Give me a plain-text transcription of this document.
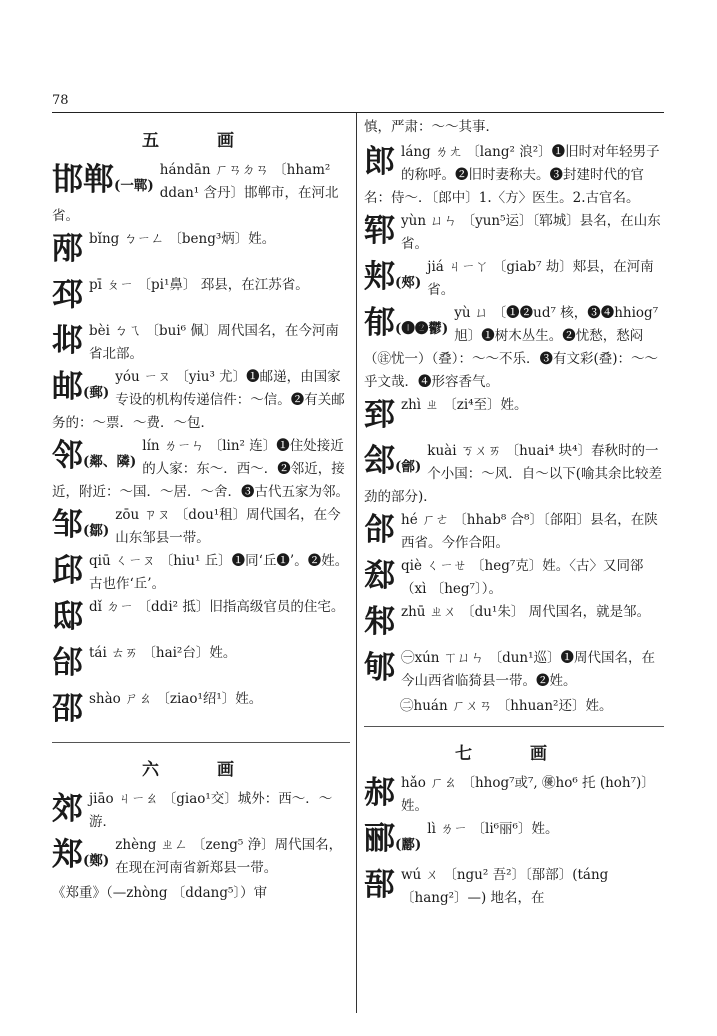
78
五 画
邯郸(一鄲)
hándān ㄏㄢㄉㄢ 〔hham² ddan¹ 含丹〕邯郸市，在河北省。
邴bǐng ㄅㄧㄥ 〔beng³炳〕姓。
邳pī ㄆㄧ 〔pi¹鼻〕 邳县，在江苏省。
邶bèi ㄅㄟ 〔bui⁶ 佩〕周代国名，在今河南省北部。
邮(郵)
yóu ㄧㄡ 〔yiu³ 尤〕❶邮递，由国家专设的机构传递信件：～信。❷有关邮务的：～票．～费．～包．
邻(鄰、隣)
lín ㄌㄧㄣ 〔lin² 连〕❶住处接近的人家：东～．西～．❷邻近，接近，附近：～国．～居．～舍．❸古代五家为邻。
邹(鄒)
zōu ㄗㄡ 〔dou¹租〕周代国名，在今山东邹县一带。
邱qiū ㄑㄧㄡ 〔hiu¹ 丘〕❶同‘丘❶’。❷姓。古也作‘丘’。
邸dǐ ㄉㄧ 〔ddi² 抵〕旧指高级官员的住宅。
邰tái ㄊㄞ 〔hai²台〕姓。
邵shào ㄕㄠ 〔ziao¹绍¹〕姓。
六 画
郊jiāo ㄐㄧㄠ 〔giao¹交〕城外：西～．～游．
郑(鄭)
zhèng ㄓㄥ 〔zeng⁵ 浄〕周代国名，在现在河南省新郑县一带。
《郑重》（—zhòng 〔ddang⁵〕）审
慎，严肃：～～其事．
郎láng ㄌㄤ 〔lang² 浪²〕❶旧时对年轻男子的称呼。❷旧时妻称夫。❸封建时代的官名：侍～．〔郎中〕1.〈方〉医生。2.古官名。
郓yùn ㄩㄣ 〔yun⁵运〕〔郓城〕县名，在山东省。
郏(郟)
jiá ㄐㄧㄚ 〔giab⁷ 劫〕郏县，在河南省。
郁(❶❷鬱)
yù ㄩ 〔❶❷ud⁷ 核，❸❹hhiog⁷旭〕❶树木丛生。❷忧愁，愁闷（㊟忧一）（叠）：～～不乐．❸有文彩(叠)：～～乎文哉．❹形容香气。
郅zhì ㄓ 〔zi⁴至〕姓。
郐(鄶)
kuài ㄎㄨㄞ 〔huai⁴ 块⁴〕春秋时的一个小国：～风．自～以下(喻其余比较差劲的部分)．
郃hé ㄏㄜ 〔hhab⁸ 合⁸〕〔郃阳〕县名，在陕西省。今作合阳。
郄qiè ㄑㄧㄝ 〔heg⁷克〕姓。〈古〉又同郤（xì 〔heg⁷〕）。
邾zhū ㄓㄨ 〔du¹朱〕 周代国名，就是邹。
郇 ㊀xún ㄒㄩㄣ 〔dun¹巡〕❶周代国名，在今山西省临猗县一带。❷姓。
㊁huán ㄏㄨㄢ 〔hhuan²还〕姓。
七 画
郝hǎo ㄏㄠ 〔hhog⁷或⁷, ㊝ho⁶ 托 (hoh⁷)〕姓。
郦(酈)
lì ㄌㄧ 〔li⁶丽⁶〕姓。
郚wú ㄨ 〔ngu² 吾²〕〔郚部〕(táng 〔hang²〕—) 地名，在
